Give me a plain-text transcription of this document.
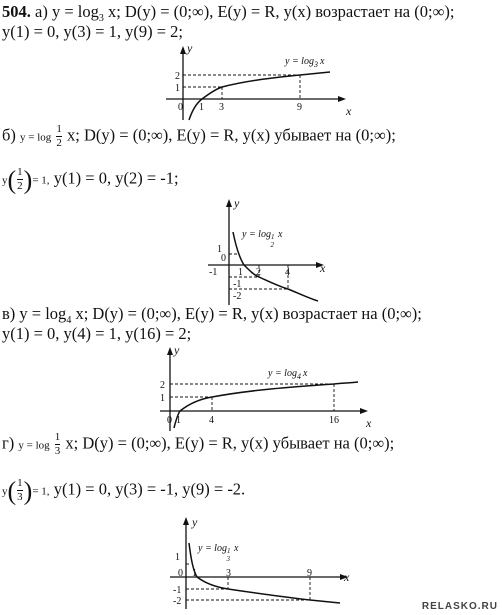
504. а) $y = \log_3 x$; D(y) = (0;∞), E(y) = R, y(x) возрастает на (0;∞);
y(1) = 0, y(3) = 1, y(9) = 2;
x
y
1
2
0 1 3	9
$y = \log_3 x$
б) $y = \log \frac{1}{2} x$; D(y) = (0;∞), E(y) = R, y(x) убывает на (0;∞);
$y( \frac{1}{2}$ )= 1, y(1) = 0, y(2) = -1;
x
y
1
0
-1 1 2 4
-1
-2
$y = \log_1 2x$
в) $y = \log_4 x$; D(y) = (0;∞), E(y) = R, y(x) возрастает на (0;∞);
y(1) = 0, y(4) = 1, y(16) = 2;
x
y
1
2
0 1	4	16
$y = \log_4 x$
г) $y = \log \frac{1}{3} x$; D(y) = (0;∞), E(y) = R, y(x) убывает на (0;∞);
$y( \frac{1}{3}$ )= 1, y(1) = 0, y(3) = -1, y(9) = -2.
x
y
1
0 1	3	9
-1
-2
$y = \log_1 3x$
RELASKO.RU
